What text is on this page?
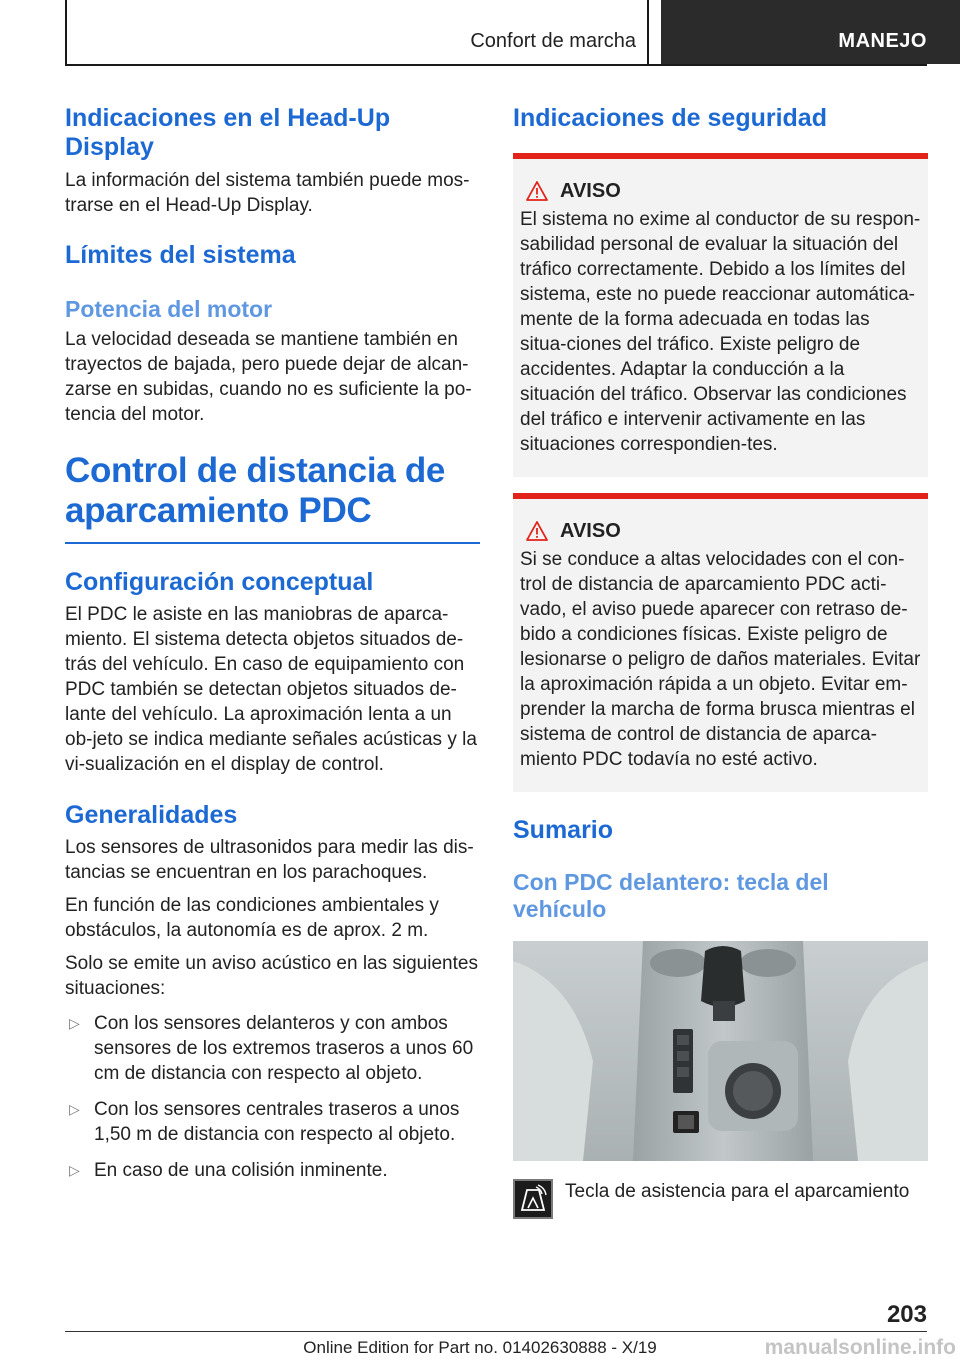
Confort de marcha	MANEJO
Indicaciones en el Head-Up Display

La información del sistema también puede mos-trarse en el Head-Up Display.

Límites del sistema
Potencia del motor

La velocidad deseada se mantiene también en trayectos de bajada, pero puede dejar de alcan-zarse en subidas, cuando no es suficiente la po-tencia del motor.

Control de distancia de aparcamiento PDC
Configuración conceptual

El PDC le asiste en las maniobras de aparca-miento. El sistema detecta objetos situados de-trás del vehículo. En caso de equipamiento con PDC también se detectan objetos situados de-lante del vehículo. La aproximación lenta a un ob-jeto se indica mediante señales acústicas y la vi-sualización en el display de control.

Generalidades

Los sensores de ultrasonidos para medir las dis-tancias se encuentran en los parachoques.

En función de las condiciones ambientales y obstáculos, la autonomía es de aprox. 2 m.

Solo se emite un aviso acústico en las siguientes situaciones:

▷ Con los sensores delanteros y con ambos sensores de los extremos traseros a unos 60 cm de distancia con respecto al objeto.
▷ Con los sensores centrales traseros a unos 1,50 m de distancia con respecto al objeto.
▷ En caso de una colisión inminente.
Indicaciones de seguridad
AVISO

El sistema no exime al conductor de su respon-sabilidad personal de evaluar la situación del tráfico correctamente. Debido a los límites del sistema, este no puede reaccionar automática-mente de la forma adecuada en todas las situa-ciones del tráfico. Existe peligro de accidentes. Adaptar la conducción a la situación del tráfico. Observar las condiciones del tráfico e intervenir activamente en las situaciones correspondien-tes.

AVISO

Si se conduce a altas velocidades con el con-trol de distancia de aparcamiento PDC acti-vado, el aviso puede aparecer con retraso de-bido a condiciones físicas. Existe peligro de lesionarse o peligro de daños materiales. Evitar la aproximación rápida a un objeto. Evitar em-prender la marcha de forma brusca mientras el sistema de control de distancia de aparca-miento PDC todavía no esté activo.

Sumario
Con PDC delantero: tecla del vehículo
Tecla de asistencia para el aparcamiento
203
Online Edition for Part no. 01402630888 - X/19	manualsonline.info
